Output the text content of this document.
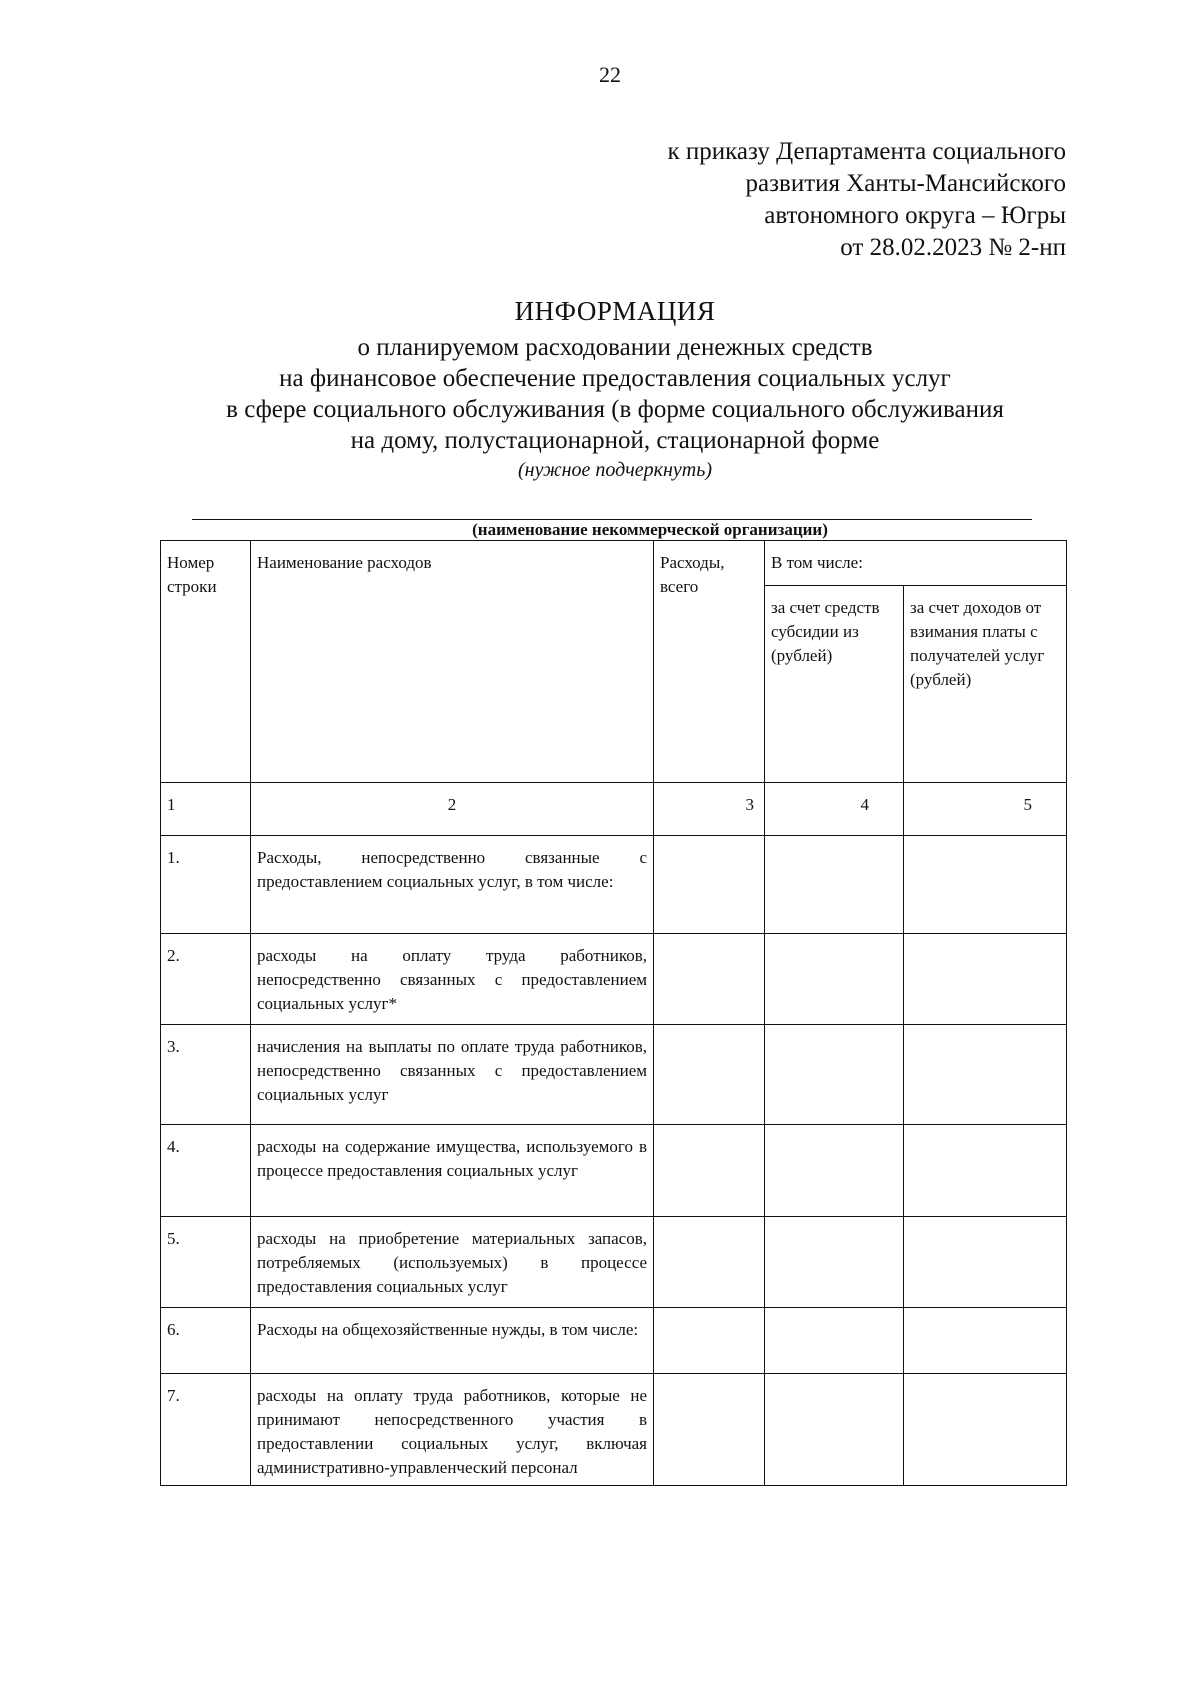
22
к приказу Департамента социального
развития Ханты-Мансийского
автономного округа – Югры
от 28.02.2023 № 2-нп
ИНФОРМАЦИЯ
о планируемом расходовании денежных средств
на финансовое обеспечение предоставления социальных услуг
в сфере социального обслуживания (в форме социального обслуживания
на дому, полустационарной, стационарной форме
(нужное подчеркнуть)
(наименование некоммерческой организации)
Номер строки	Наименование расходов	Расходы, всего	В том числе:	
			за счет средств субсидии из (рублей)	за счет доходов от взимания платы с получателей услуг (рублей)
1	2	3	4	5
1.	Расходы, непосредственно связанные с предоставлением социальных услуг, в том числе:			
2.	расходы на оплату труда работников, непосредственно связанных с предоставлением социальных услуг*			
3.	начисления на выплаты по оплате труда работников, непосредственно связанных с предоставлением социальных услуг			
4.	расходы на содержание имущества, используемого в процессе предоставления социальных услуг			
5.	расходы на приобретение материальных запасов, потребляемых (используемых) в процессе предоставления социальных услуг			
6.	Расходы на общехозяйственные нужды, в том числе:			
7.	расходы на оплату труда работников, которые не принимают непосредственного участия в предоставлении социальных услуг, включая административно-управленческий персонал			
